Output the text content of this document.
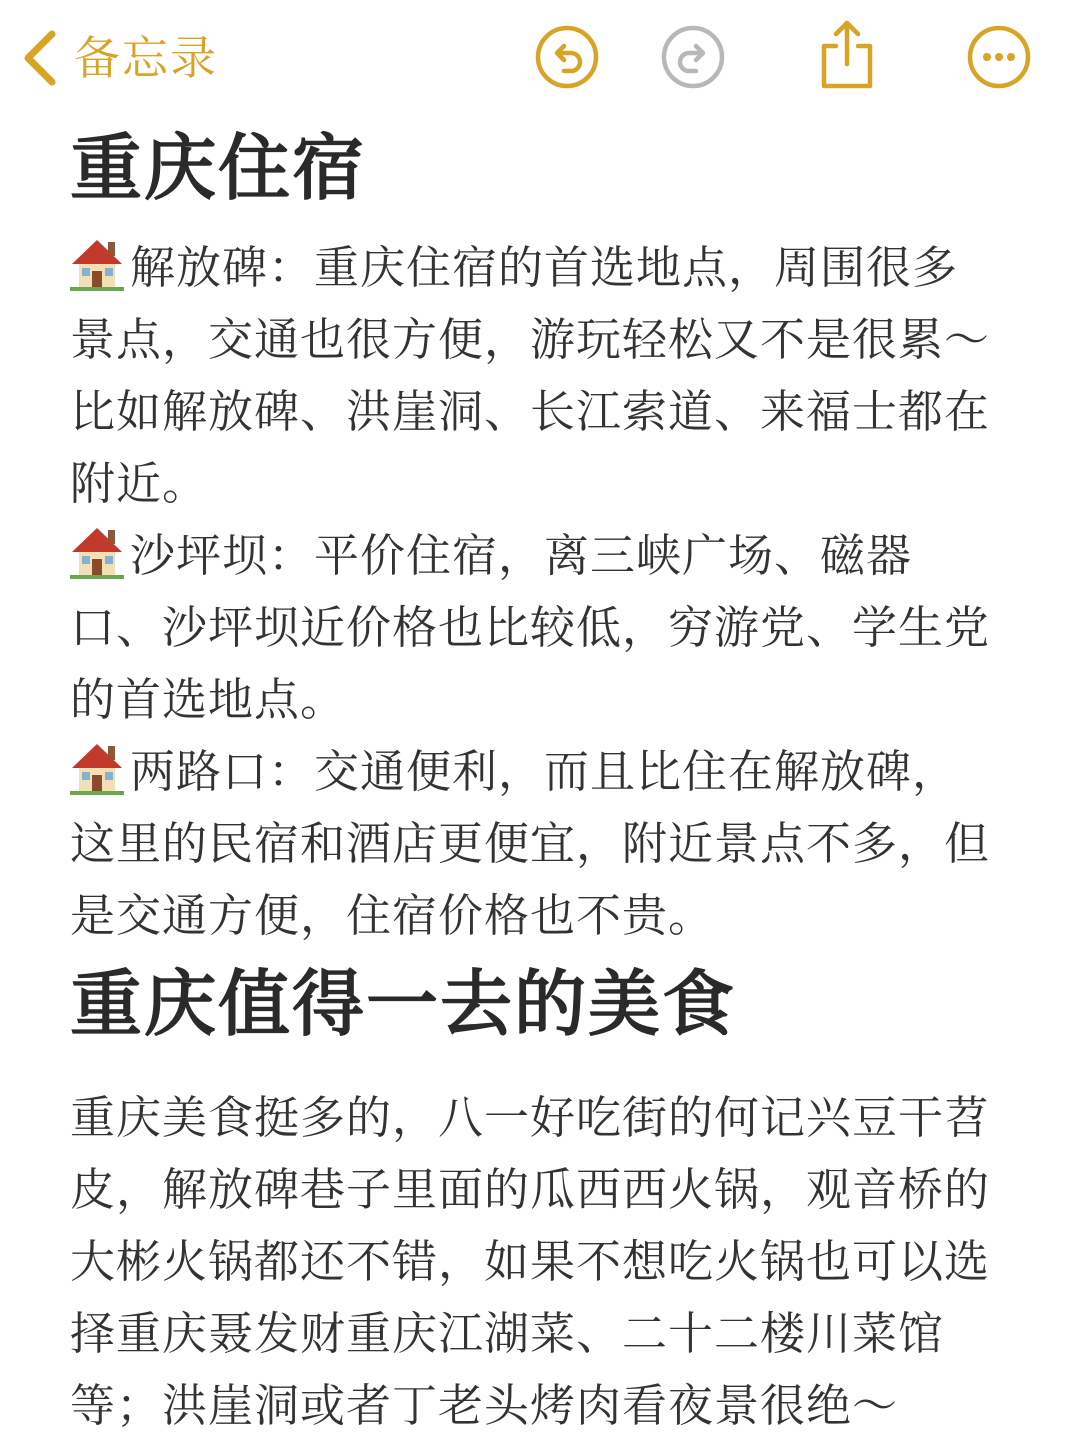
备忘录
重庆住宿
解放碑：重庆住宿的首选地点，周围很多
景点，交通也很方便，游玩轻松又不是很累～
比如解放碑、洪崖洞、长江索道、来福士都在
附近。
沙坪坝：平价住宿，离三峡广场、磁器
口、沙坪坝近价格也比较低，穷游党、学生党
的首选地点。
两路口：交通便利，而且比住在解放碑，
这里的民宿和酒店更便宜，附近景点不多，但
是交通方便，住宿价格也不贵。
重庆值得一去的美食
重庆美食挺多的，八一好吃街的何记兴豆干苕
皮，解放碑巷子里面的瓜西西火锅，观音桥的
大彬火锅都还不错，如果不想吃火锅也可以选
择重庆聂发财重庆江湖菜、二十二楼川菜馆
等；洪崖洞或者丁老头烤肉看夜景很绝～
